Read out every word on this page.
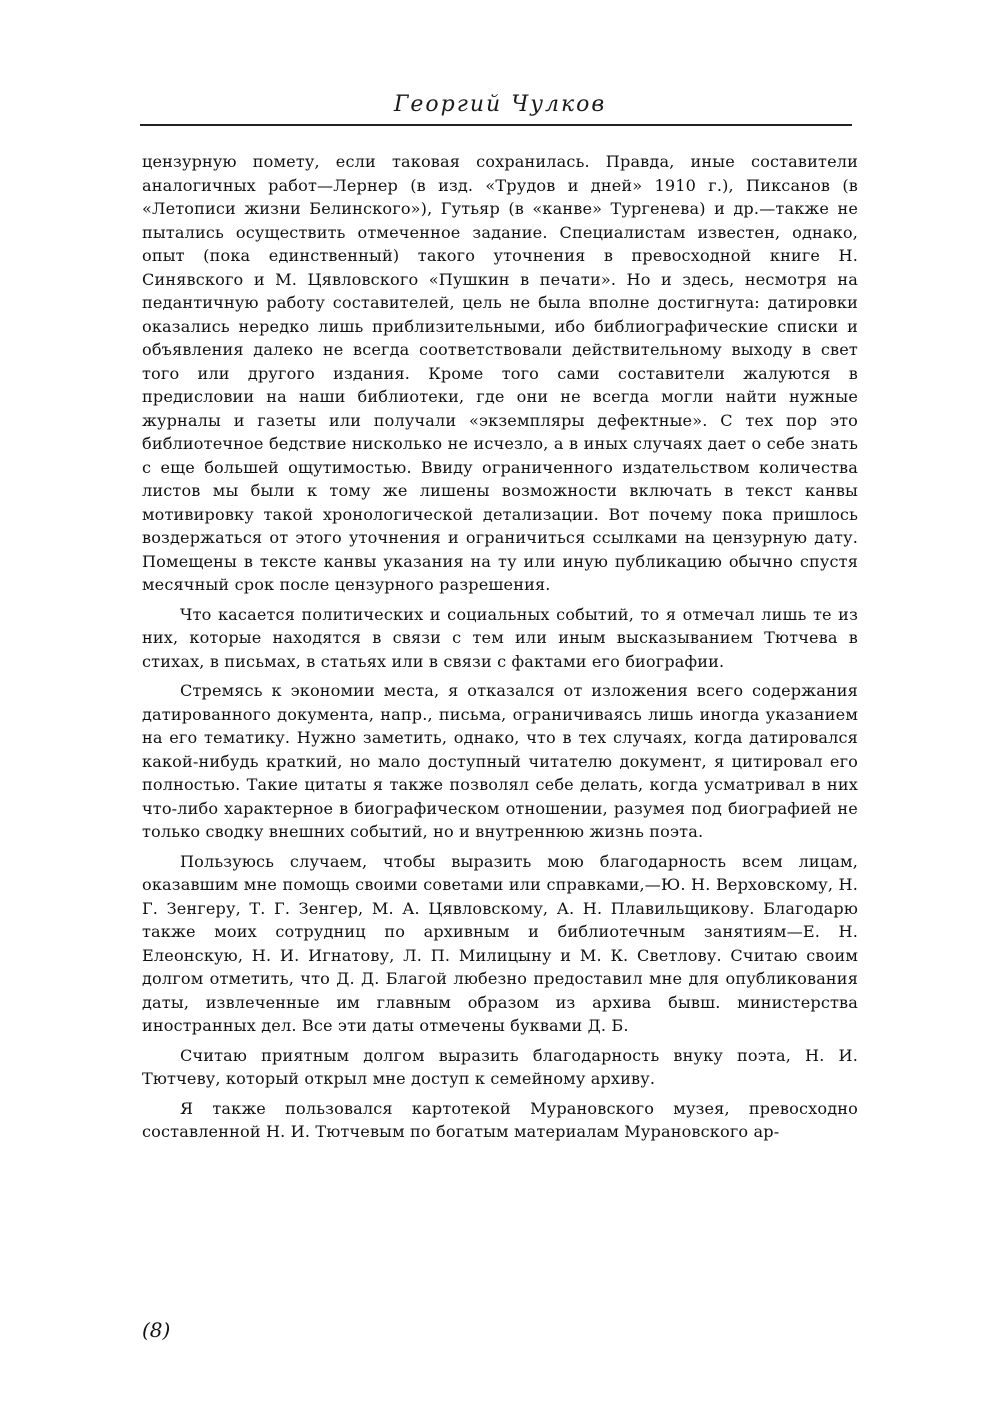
Георгий Чулков

цензурную помету, если таковая сохранилась. Правда, иные составители аналогичных работ—Лернер (в изд. «Трудов и дней» 1910 г.), Пиксанов (в «Летописи жизни Белинского»), Гутьяр (в «канве» Тургенева) и др.—также не пытались осуществить отмеченное задание. Специалистам известен, однако, опыт (пока единственный) такого уточнения в превосходной книге Н. Синявского и М. Цявловского «Пушкин в печати». Но и здесь, несмотря на педантичную работу составителей, цель не была вполне достигнута: датировки оказались нередко лишь приблизительными, ибо библиографические списки и объявления далеко не всегда соответствовали действительному выходу в свет того или другого издания. Кроме того сами составители жалуются в предисловии на наши библиотеки, где они не всегда могли найти нужные журналы и газеты или получали «экземпляры дефектные». С тех пор это библиотечное бедствие нисколько не исчезло, а в иных случаях дает о себе знать с еще большей ощутимостью. Ввиду ограниченного издательством количества листов мы были к тому же лишены возможности включать в текст канвы мотивировку такой хронологической детализации. Вот почему пока пришлось воздержаться от этого уточнения и ограничиться ссылками на цензурную дату. Помещены в тексте канвы указания на ту или иную публикацию обычно спустя месячный срок после цензурного разрешения.

Что касается политических и социальных событий, то я отмечал лишь те из них, которые находятся в связи с тем или иным высказыванием Тютчева в стихах, в письмах, в статьях или в связи с фактами его биографии.

Стремясь к экономии места, я отказался от изложения всего содержания датированного документа, напр., письма, ограничиваясь лишь иногда указанием на его тематику. Нужно заметить, однако, что в тех случаях, когда датировался какой-нибудь краткий, но мало доступный читателю документ, я цитировал его полностью. Такие цитаты я также позволял себе делать, когда усматривал в них что-либо характерное в биографическом отношении, разумея под биографией не только сводку внешних событий, но и внутреннюю жизнь поэта.

Пользуюсь случаем, чтобы выразить мою благодарность всем лицам, оказавшим мне помощь своими советами или справками,—Ю. Н. Верховскому, Н. Г. Зенгеру, Т. Г. Зенгер, М. А. Цявловскому, А. Н. Плавильщикову. Благодарю также моих сотрудниц по архивным и библиотечным занятиям—Е. Н. Елеонскую, Н. И. Игнатову, Л. П. Милицыну и М. К. Светлову. Считаю своим долгом отметить, что Д. Д. Благой любезно предоставил мне для опубликования даты, извлеченные им главным образом из архива бывш. министерства иностранных дел. Все эти даты отмечены буквами Д. Б.

Считаю приятным долгом выразить благодарность внуку поэта, Н. И. Тютчеву, который открыл мне доступ к семейному архиву.

Я также пользовался картотекой Мурановского музея, превосходно составленной Н. И. Тютчевым по богатым материалам Мурановского ар-

(8)
